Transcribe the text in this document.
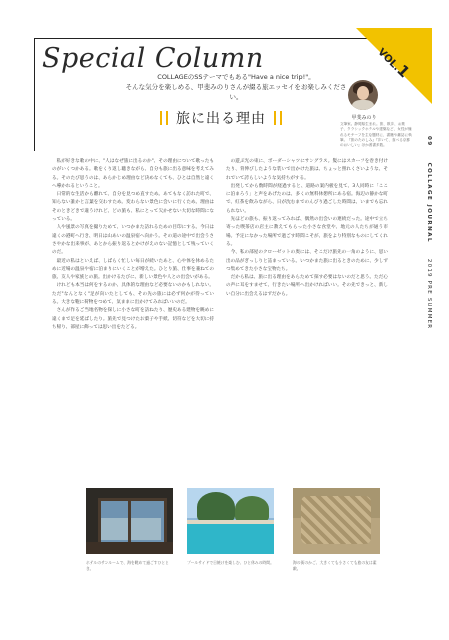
Special Column	VOL.1
COLLAGEのSSテーマでもある"Have a nice trip!"。
そんな気分を楽しめる、甲斐みのりさんが綴る旅エッセイをお楽しみください。
旅に出る理由	甲斐みのり
文筆家。静岡県生まれ。旅、散歩、お菓子、クラシックホテルや建築など、女性が憧れるモチーフを主な題材に、書籍や雑誌に執筆。『旅のたのしみ』『歩いて、食べる京都のおいしい』ほか著書多数。

私が好きな歌の中に、"人はなぜ旅に出るのか"、その理由について歌ったものがいくつかある。歌をくり返し聴きながら、自分も旅に出る意味を考えてみる。そのたび思うのは、あらかじめ理由など決めなくても、ひとは自然と遠くへ導かれるということ。

日常的な生活から離れて、自分を見つめ直すため。あてもなく訪れた町で、知らない誰かと言葉を交わすため。変わらない景色に会いに行くため。理由はそのときどきで違うけれど、どの旅も、私にとって欠かせない大切な時間になっている。

人や風景の写真を撮りためて、いつかまた訪れるための目印にする。今日は遠くの港町へ行き、明日は山あいの温泉宿へ向かう。その道の途中で出会うささやかな出来事が、あとから振り返るとかけがえのない記憶として残っていくのだ。

最近の私はといえば、しばらく忙しい毎日が続いたあと、心や体を休めるために近場の温泉や宿に泊まりにいくことが増えた。ひとり旅、仕事を兼ねての旅、友人や家族との旅。出かけるたびに、新しい景色や人との出会いがある。

けれども本当は何をするのか、具体的な理由など必要ないのかもしれない。ただ"なんとなく"足が向いたとしても、その先の旅には必ず何かが待っている。大きな鞄に荷物をつめて、気ままに出かけてみればいいのだ。

さんが作るご当地名物を探しに小さな町を訪ねたり、歴史ある建物を眺めに遠くまで足を延ばしたり。旅先で見つけたお菓子や手紙、切符などを大切に持ち帰り、部屋に飾っては思い出をたどる。

の遊ぶ光の束に、ボーダーシャツにサングラス。髪にはスカーフを巻き付けたり、背伸びしたような装いで出かけた旅は、ちょっと照れくさいような、それでいて誇らしいような気持ちがする。

出発してから数時間が経過すると、道路の案内板を見て、3人同時に「ここに泊まろう」と声をあげたのは、多くの無料休憩所にある宿。海辺の静かな町で、紅茶を飲みながら、日が沈むまでのんびり過ごした時間は、いまでも忘れられない。

先ほどの旅も、振り返ってみれば、偶然の出会いの連続だった。途中で立ち寄った喫茶店の店主に教えてもらった小さな食堂や、地元の人たちが通う市場。予定になかった場所で過ごす時間こそが、旅をより特別なものにしてくれる。

今、私の部屋のクローゼットの奥には、そこだけ旅先の一角のように、思い出の品がぎっしりと詰まっている。いつかまた旅に出るときのために、少しずつ集めてきた小さな宝物たち。

だから私は、旅に出る理由をあらためて探す必要はないのだと思う。ただ心の声に耳をすませて、行きたい場所へ出かければいい。その先できっと、新しい自分に出会えるはずだから。

09  COLLAGE JOURNAL  2019 PRE SUMMER
ホテルのサンルームで、海を眺めて過ごすひととき。
プールサイドで日焼けを楽しむ、ひと休みの時間。	海の街のかご、大きくても小さくても旅の友は素敵。
